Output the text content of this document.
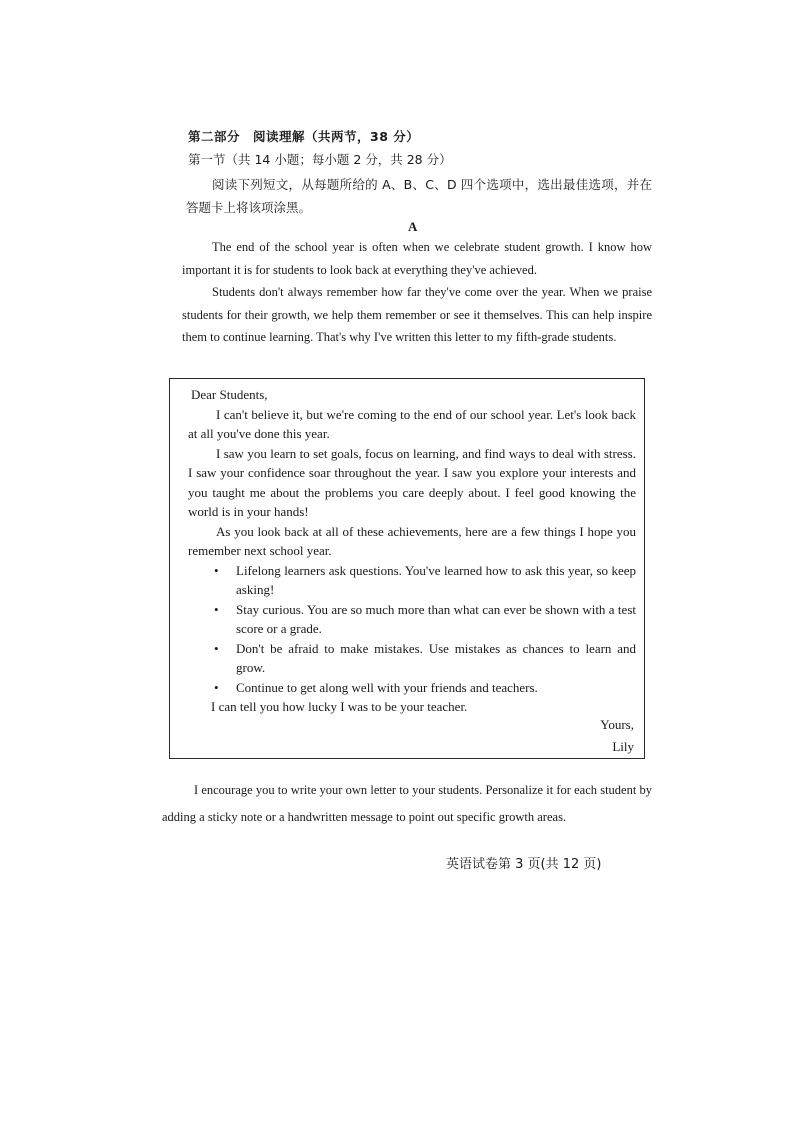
第二部分　阅读理解（共两节，38 分）
第一节（共 14 小题；每小题 2 分，共 28 分）
阅读下列短文，从每题所给的 A、B、C、D 四个选项中，选出最佳选项，并在答题卡上将该项涂黑。
A

The end of the school year is often when we celebrate student growth. I know how important it is for students to look back at everything they've achieved.

Students don't always remember how far they've come over the year. When we praise students for their growth, we help them remember or see it themselves. This can help inspire them to continue learning. That's why I've written this letter to my fifth-grade students.

Dear Students,

I can't believe it, but we're coming to the end of our school year. Let's look back at all you've done this year.

I saw you learn to set goals, focus on learning, and find ways to deal with stress. I saw your confidence soar throughout the year. I saw you explore your interests and you taught me about the problems you care deeply about. I feel good knowing the world is in your hands!

As you look back at all of these achievements, here are a few things I hope you remember next school year.

• Lifelong learners ask questions. You've learned how to ask this year, so keep asking!
• Stay curious. You are so much more than what can ever be shown with a test score or a grade.
• Don't be afraid to make mistakes. Use mistakes as chances to learn and grow.
• Continue to get along well with your friends and teachers.

I can tell you how lucky I was to be your teacher.

Yours,
Lily

I encourage you to write your own letter to your students. Personalize it for each student by adding a sticky note or a handwritten message to point out specific growth areas.

英语试卷第 3 页(共 12 页)
